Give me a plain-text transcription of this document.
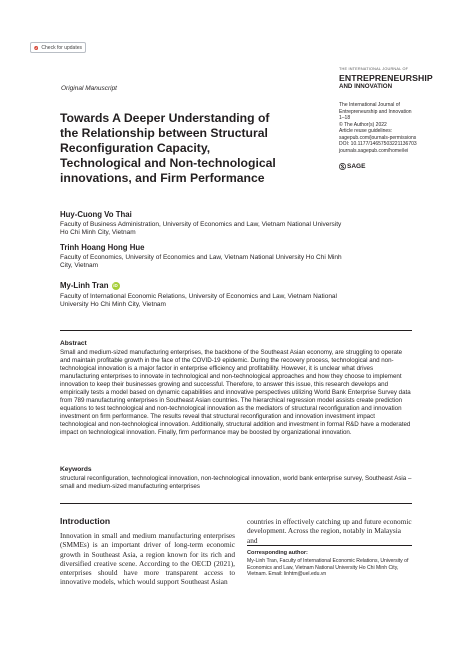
Check for updates
Original Manuscript
THE INTERNATIONAL JOURNAL OF
ENTREPRENEURSHIP
AND INNOVATION
The International Journal of
Entrepreneurship and Innovation
1–18
© The Author(s) 2022
Article reuse guidelines:
sagepub.com/journals-permissions
DOI: 10.1177/14657503221136703
journals.sagepub.com/home/iei
SAGE
Towards A Deeper Understanding of
the Relationship between Structural
Reconfiguration Capacity,
Technological and Non-technological
innovations, and Firm Performance
Huy-Cuong Vo Thai
Faculty of Business Administration, University of Economics and Law, Vietnam National University Ho Chi Minh City, Vietnam
Trinh Hoang Hong Hue
Faculty of Economics, University of Economics and Law, Vietnam National University Ho Chi Minh City, Vietnam
My-Linh Tran	iD
Faculty of International Economic Relations, University of Economics and Law, Vietnam National University Ho Chi Minh City, Vietnam
Abstract
Small and medium-sized manufacturing enterprises, the backbone of the Southeast Asian economy, are struggling to operate and maintain profitable growth in the face of the COVID-19 epidemic. During the recovery process, technological and non-technological innovation is a major factor in enterprise efficiency and profitability. However, it is unclear what drives manufacturing enterprises to innovate in technological and non-technological approaches and how they choose to implement innovation to keep their businesses growing and successful. Therefore, to answer this issue, this research develops and empirically tests a model based on dynamic capabilities and innovative perspectives utilizing World Bank Enterprise Survey data from 789 manufacturing enterprises in Southeast Asian countries. The hierarchical regression model assists create prediction equations to test technological and non-technological innovation as the mediators of structural reconfiguration and innovation investment on firm performance. The results reveal that structural reconfiguration and innovation investment impact technological and non-technological innovation. Additionally, structural addition and investment in formal R&D have a moderated impact on technological innovation. Finally, firm performance may be boosted by organizational innovation.
Keywords
structural reconfiguration, technological innovation, non-technological innovation, world bank enterprise survey, Southeast Asia – small and medium-sized manufacturing enterprises
Introduction
Innovation in small and medium manufacturing enterprises (SMMEs) is an important driver of long-term economic growth in Southeast Asia, a region known for its rich and diversified creative scene. According to the OECD (2021), enterprises should have more transparent access to innovative models, which would support Southeast Asian
countries in effectively catching up and future economic development. Across the region, notably in Malaysia and
Corresponding author:
My-Linh Tran, Faculty of International Economic Relations, University of Economics and Law, Vietnam National University Ho Chi Minh City, Vietnam. Email: linhtm@uel.edu.vn
